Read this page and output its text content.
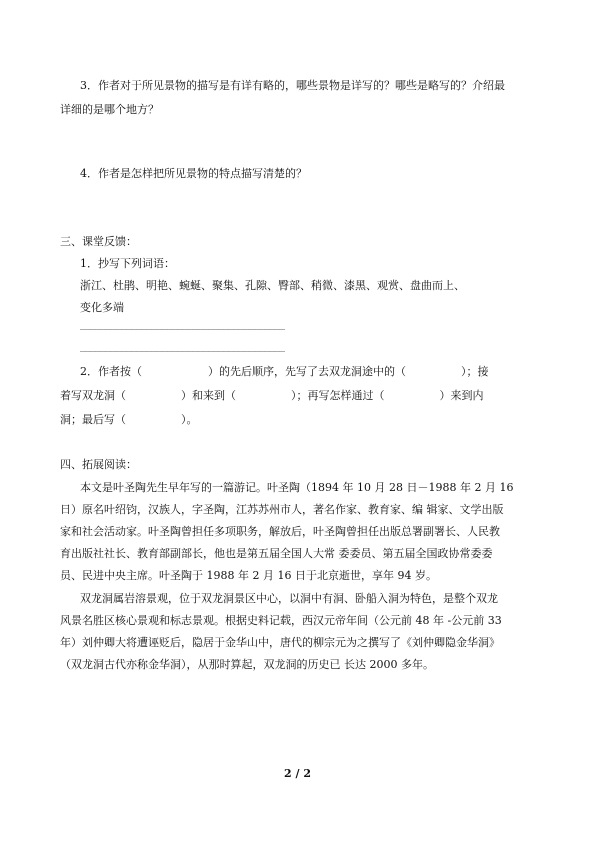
3．作者对于所见景物的描写是有详有略的，哪些景物是详写的？哪些是略写的？介绍最
详细的是哪个地方？
4．作者是怎样把所见景物的特点描写清楚的？
三、课堂反馈：
1．抄写下列词语：
浙江、杜鹃、明艳、蜿蜒、聚集、孔隙、臀部、稍微、漆黑、观赏、盘曲而上、
变化多端
________________________________________
________________________________________
2．作者按（　　　　　　）的先后顺序，先写了去双龙洞途中的（　　　　　）；接
着写双龙洞（　　　　　）和来到（　　　　　）；再写怎样通过（　　　　　）来到内
洞；最后写（　　　　　）。
四、拓展阅读：
本文是叶圣陶先生早年写的一篇游记。叶圣陶（1894 年 10 月 28 日－1988 年 2 月 16
日）原名叶绍钧，汉族人，字圣陶，江苏苏州市人，著名作家、教育家、编 辑家、文学出版
家和社会活动家。叶圣陶曾担任多项职务，解放后，叶圣陶曾担任出版总署副署长、人民教
育出版社社长、教育部副部长，他也是第五届全国人大常 委委员、第五届全国政协常委委
员、民进中央主席。叶圣陶于 1988 年 2 月 16 日于北京逝世，享年 94 岁。
双龙洞属岩溶景观，位于双龙洞景区中心，以洞中有洞、卧船入洞为特色，是整个双龙
风景名胜区核心景观和标志景观。根据史料记载，西汉元帝年间（公元前 48 年 -公元前 33
年）刘仲卿大将遭诬贬后，隐居于金华山中，唐代的柳宗元为之撰写了《刘仲卿隐金华洞》
（双龙洞古代亦称金华洞），从那时算起，双龙洞的历史已 长达 2000 多年。
2 / 2
